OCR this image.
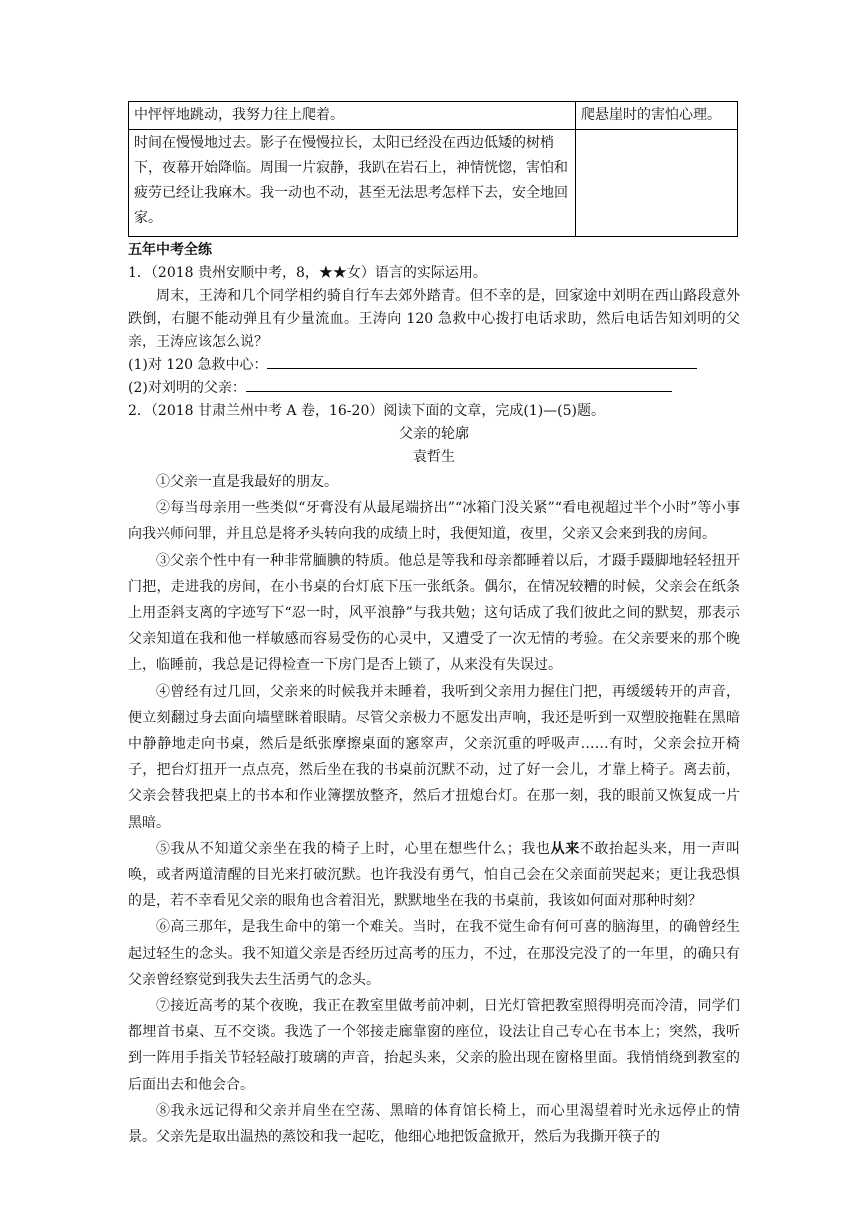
中怦怦地跳动，我努力往上爬着。	爬悬崖时的害怕心理。
时间在慢慢地过去。影子在慢慢拉长，太阳已经没在西边低矮的树梢下，夜幕开始降临。周围一片寂静，我趴在岩石上，神情恍惚，害怕和疲劳已经让我麻木。我一动也不动，甚至无法思考怎样下去，安全地回家。	
五年中考全练
1．（2018 贵州安顺中考，8，★★女）语言的实际运用。

周末，王涛和几个同学相约骑自行车去郊外踏青。但不幸的是，回家途中刘明在西山路段意外跌倒，右腿不能动弹且有少量流血。王涛向 120 急救中心拨打电话求助，然后电话告知刘明的父亲，王涛应该怎么说？

(1)对 120 急救中心：
(2)对刘明的父亲：
2．（2018 甘肃兰州中考 A 卷，16-20）阅读下面的文章，完成(1)—(5)题。
父亲的轮廓
袁哲生

①父亲一直是我最好的朋友。

②每当母亲用一些类似“牙膏没有从最尾端挤出”“冰箱门没关紧”“看电视超过半个小时”等小事向我兴师问罪，并且总是将矛头转向我的成绩上时，我便知道，夜里，父亲又会来到我的房间。

③父亲个性中有一种非常腼腆的特质。他总是等我和母亲都睡着以后，才蹑手蹑脚地轻轻扭开门把，走进我的房间，在小书桌的台灯底下压一张纸条。偶尔，在情况较糟的时候，父亲会在纸条上用歪斜支离的字迹写下“忍一时，风平浪静”与我共勉；这句话成了我们彼此之间的默契，那表示父亲知道在我和他一样敏感而容易受伤的心灵中，又遭受了一次无情的考验。在父亲要来的那个晚上，临睡前，我总是记得检查一下房门是否上锁了，从来没有失误过。

④曾经有过几回，父亲来的时候我并未睡着，我听到父亲用力握住门把，再缓缓转开的声音，便立刻翻过身去面向墙壁眯着眼睛。尽管父亲极力不愿发出声响，我还是听到一双塑胶拖鞋在黑暗中静静地走向书桌，然后是纸张摩擦桌面的窸窣声，父亲沉重的呼吸声……有时，父亲会拉开椅子，把台灯扭开一点点亮，然后坐在我的书桌前沉默不动，过了好一会儿，才靠上椅子。离去前，父亲会替我把桌上的书本和作业簿摆放整齐，然后才扭熄台灯。在那一刻，我的眼前又恢复成一片黑暗。

⑤我从不知道父亲坐在我的椅子上时，心里在想些什么；我也从来不敢抬起头来，用一声叫唤，或者两道清醒的目光来打破沉默。也许我没有勇气，怕自己会在父亲面前哭起来；更让我恐惧的是，若不幸看见父亲的眼角也含着泪光，默默地坐在我的书桌前，我该如何面对那种时刻？

⑥高三那年，是我生命中的第一个难关。当时，在我不觉生命有何可喜的脑海里，的确曾经生起过轻生的念头。我不知道父亲是否经历过高考的压力，不过，在那没完没了的一年里，的确只有父亲曾经察觉到我失去生活勇气的念头。

⑦接近高考的某个夜晚，我正在教室里做考前冲刺，日光灯管把教室照得明亮而冷清，同学们都埋首书桌、互不交谈。我选了一个邻接走廊靠窗的座位，设法让自己专心在书本上；突然，我听到一阵用手指关节轻轻敲打玻璃的声音，抬起头来，父亲的脸出现在窗格里面。我悄悄绕到教室的后面出去和他会合。

⑧我永远记得和父亲并肩坐在空荡、黑暗的体育馆长椅上，而心里渴望着时光永远停止的情景。父亲先是取出温热的蒸饺和我一起吃，他细心地把饭盒掀开，然后为我撕开筷子的
